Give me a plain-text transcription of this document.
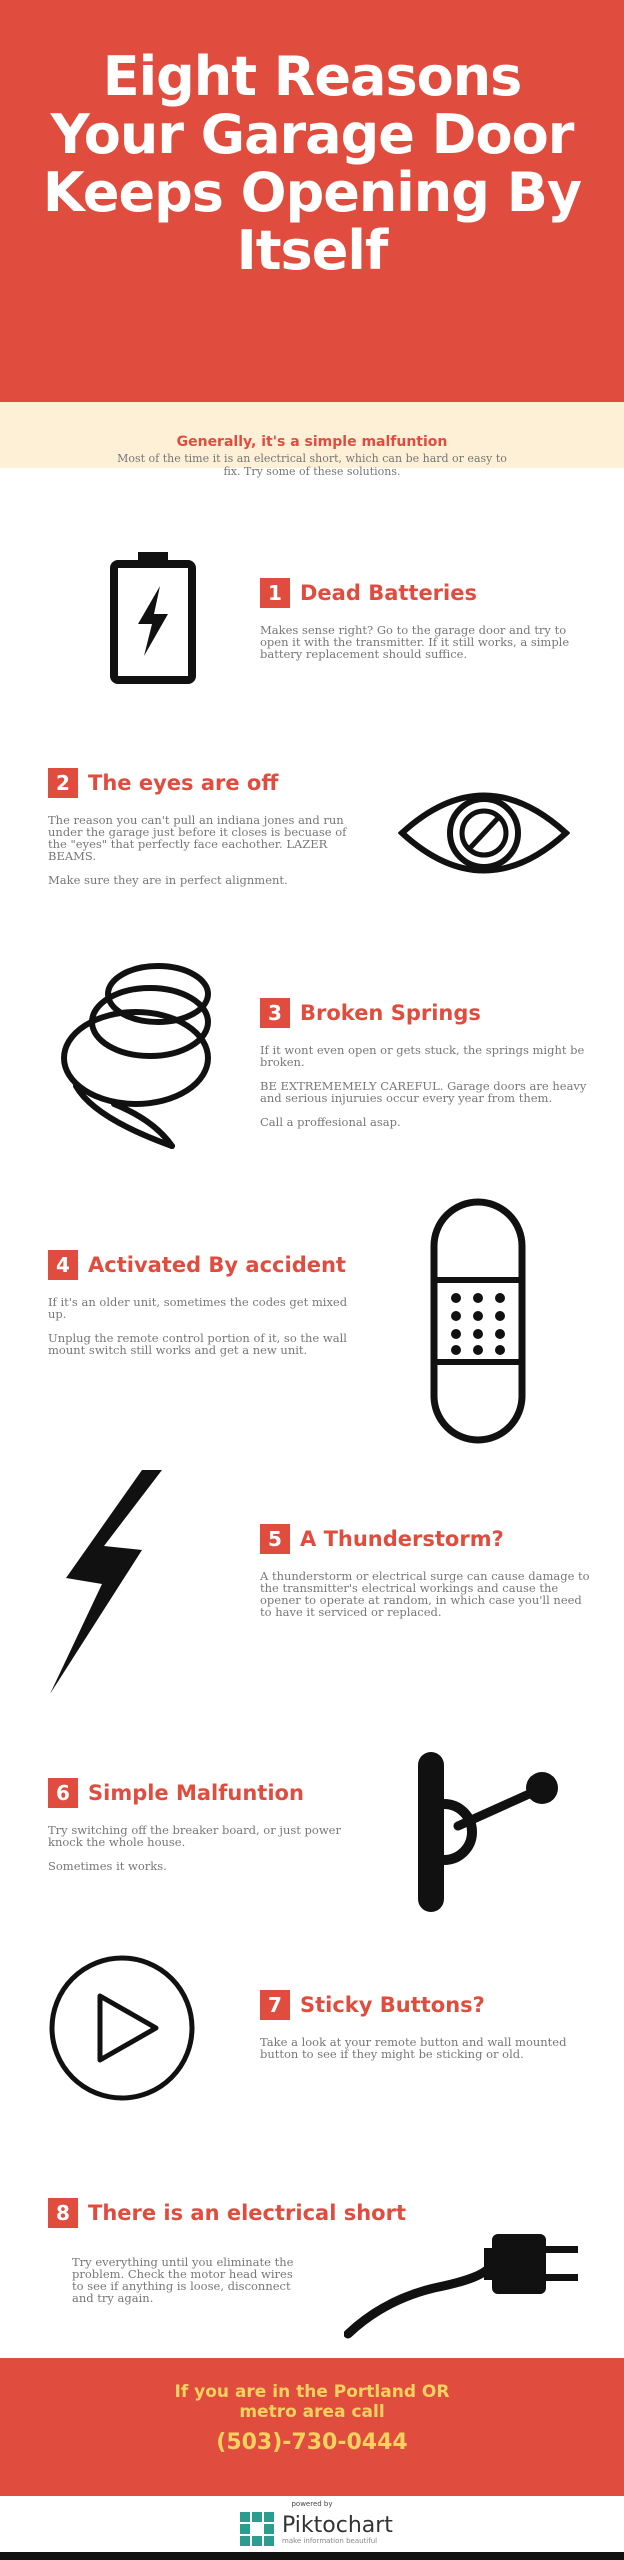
Eight Reasons Your Garage Door Keeps Opening By Itself
Generally, it's a simple malfuntion
Most of the time it is an electrical short, which can be hard or easy to fix. Try some of these solutions.
1 Dead Batteries
Makes sense right? Go to the garage door and try to open it with the transmitter. If it still works, a simple battery replacement should suffice.
2 The eyes are off
The reason you can't pull an indiana jones and run under the garage just before it closes is becuase of the "eyes" that perfectly face eachother. LAZER BEAMS.
Make sure they are in perfect alignment.
3 Broken Springs
If it wont even open or gets stuck, the springs might be broken.
BE EXTREMEMELY CAREFUL. Garage doors are heavy and serious injuruies occur every year from them.
Call a proffesional asap.
4 Activated By accident
If it's an older unit, sometimes the codes get mixed up.
Unplug the remote control portion of it, so the wall mount switch still works and get a new unit.
5 A Thunderstorm?
A thunderstorm or electrical surge can cause damage to the transmitter's electrical workings and cause the opener to operate at random, in which case you'll need to have it serviced or replaced.
6 Simple Malfuntion
Try switching off the breaker board, or just power knock the whole house.
Sometimes it works.
7 Sticky Buttons?
Take a look at your remote button and wall mounted button to see if they might be sticking or old.
8 There is an electrical short
Try everything until you eliminate the problem. Check the motor head wires to see if anything is loose, disconnect and try again.
If you are in the Portland OR
metro area call
(503)-730-0444
powered by
Piktochart
make information beautiful
